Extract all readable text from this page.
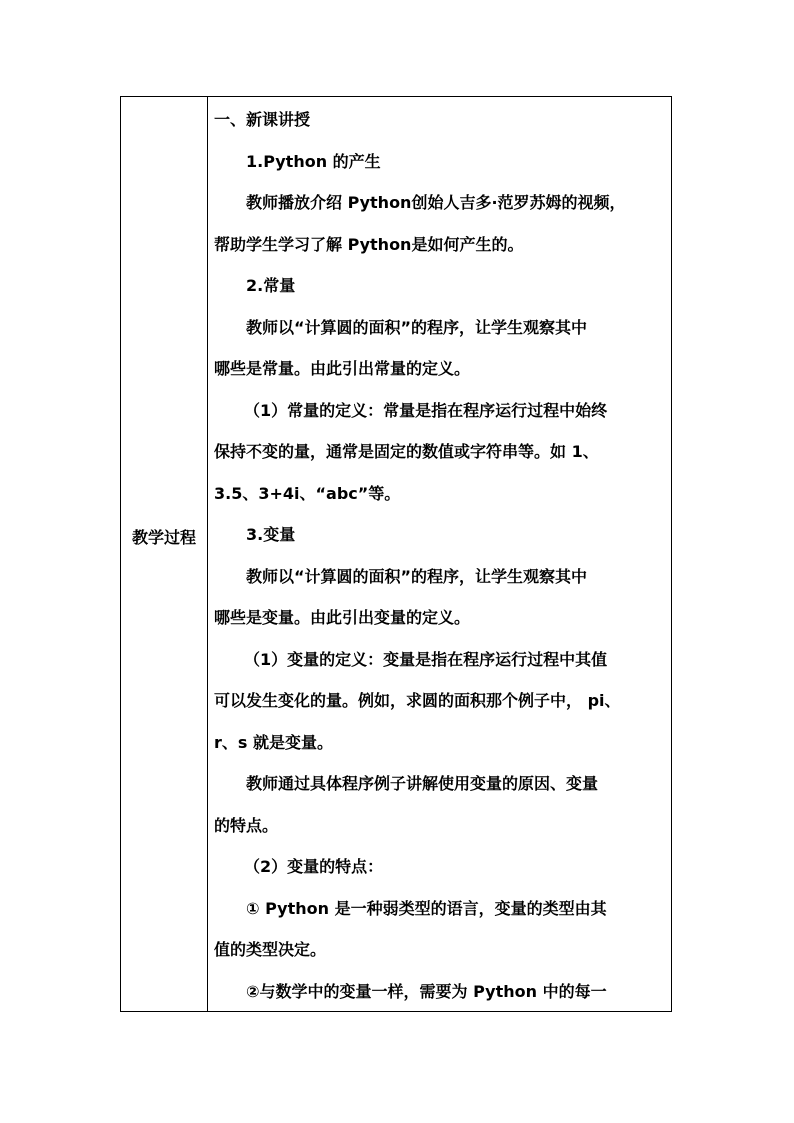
教学过程
一、新课讲授
1.Python 的产生
教师播放介绍 Python创始人吉多·范罗苏姆的视频，
帮助学生学习了解 Python是如何产生的。
2.常量
教师以“计算圆的面积”的程序，让学生观察其中
哪些是常量。由此引出常量的定义。
（1）常量的定义：常量是指在程序运行过程中始终
保持不变的量，通常是固定的数值或字符串等。如 1、
3.5、3+4i、“abc”等。
3.变量
教师以“计算圆的面积”的程序，让学生观察其中
哪些是变量。由此引出变量的定义。
（1）变量的定义：变量是指在程序运行过程中其值
可以发生变化的量。例如，求圆的面积那个例子中， pi、
r、s 就是变量。
教师通过具体程序例子讲解使用变量的原因、变量
的特点。
（2）变量的特点：
① Python 是一种弱类型的语言，变量的类型由其
值的类型决定。
②与数学中的变量一样，需要为 Python 中的每一
